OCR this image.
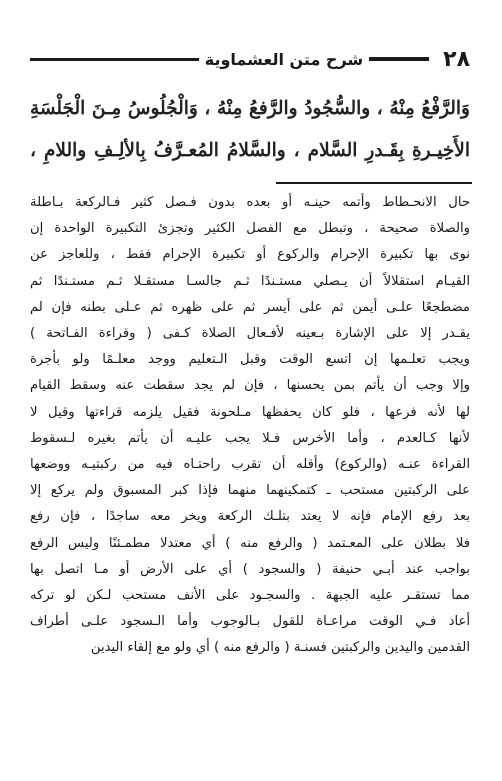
٢٨
شرح متن العشماوية

وَالرَّفْعُ مِنْهُ ، والسُّجُودُ والرَّفعُ مِنْهُ ، وَالْجُلُوسُ مِـنَ الْجَلْسَةِ

الأَخِيـرةِ بِقَـدرِ السَّلام ، والسَّلامُ المُعـرَّفُ بِالألِـفِ واللامِ ،

حال الانحـطاط وأتمه حينـه أو بعده بدون فـصل كثير فـالركعة بـاطلة

والصلاة صحيحة ، وتبطل مع الفصل الكثير وتجزئ التكبيرة الواحدة إن

نوى بها تكبيرة الإحرام والركوع أو تكبيرة الإحرام فقط ، وللعاجز عن

القيـام استقلالاً أن يـصلي مستـندًا ثـم جالسـا مستقـلا ثـم مستـندًا ثم

مضطجعًا علـى أيمن ثم على أيسر ثم على ظهره ثم عـلى بطنه فإن لم

يقـدر إلا على الإشارة بـعينه لأفـعال الصلاة كـفى ( وقراءة الفـاتحة )

ويجب تعلـمها إن اتسع الوقت وقبل الـتعليم ووجد معلـمًا ولو بأجرة

وإلا وجب أن يأتم بمن يحسنها ، فإن لم يجد سقطت عنه وسقط القيام

لها لأنه فرعها ، فلو كان يحفظها مـلحونة فقيل يلزمه قراءتها وقيل لا

لأنها كـالعدم ، وأما الأخرس فـلا يجب عليـه أن يأتم بغيره لـسقوط

القراءة عنـه (والركوع) وأقله أن تقرب راحتـاه فيه من ركبتيـه ووضعها

على الركبتين مستحب ـ كتمكينهما منهما فإذا كبر المسبوق ولم يركع إلا

بعد رفع الإمام فإنه لا يعتد بتلـك الركعة ويخر معه ساجدًا ، فإن رفع

فلا بطلان على المعـتمد ( والرفع منه ) أي معتدلا مطمـئنًا وليس الرفع

بواجب عند أبـي حنيفة ( والسجود ) أي على الأرض أو مـا اتصل بها

مما تستقـر عليه الجبهة . والسجـود على الأنف مستحب لـكن لو تركه

أعاد فـي الوقت مراعـاة للقول بـالوجوب وأما الـسجود علـى أطراف

القدمين واليدين والركبتين فسنـة ( والرفع منه ) أي ولو مع إلقاء اليدين
